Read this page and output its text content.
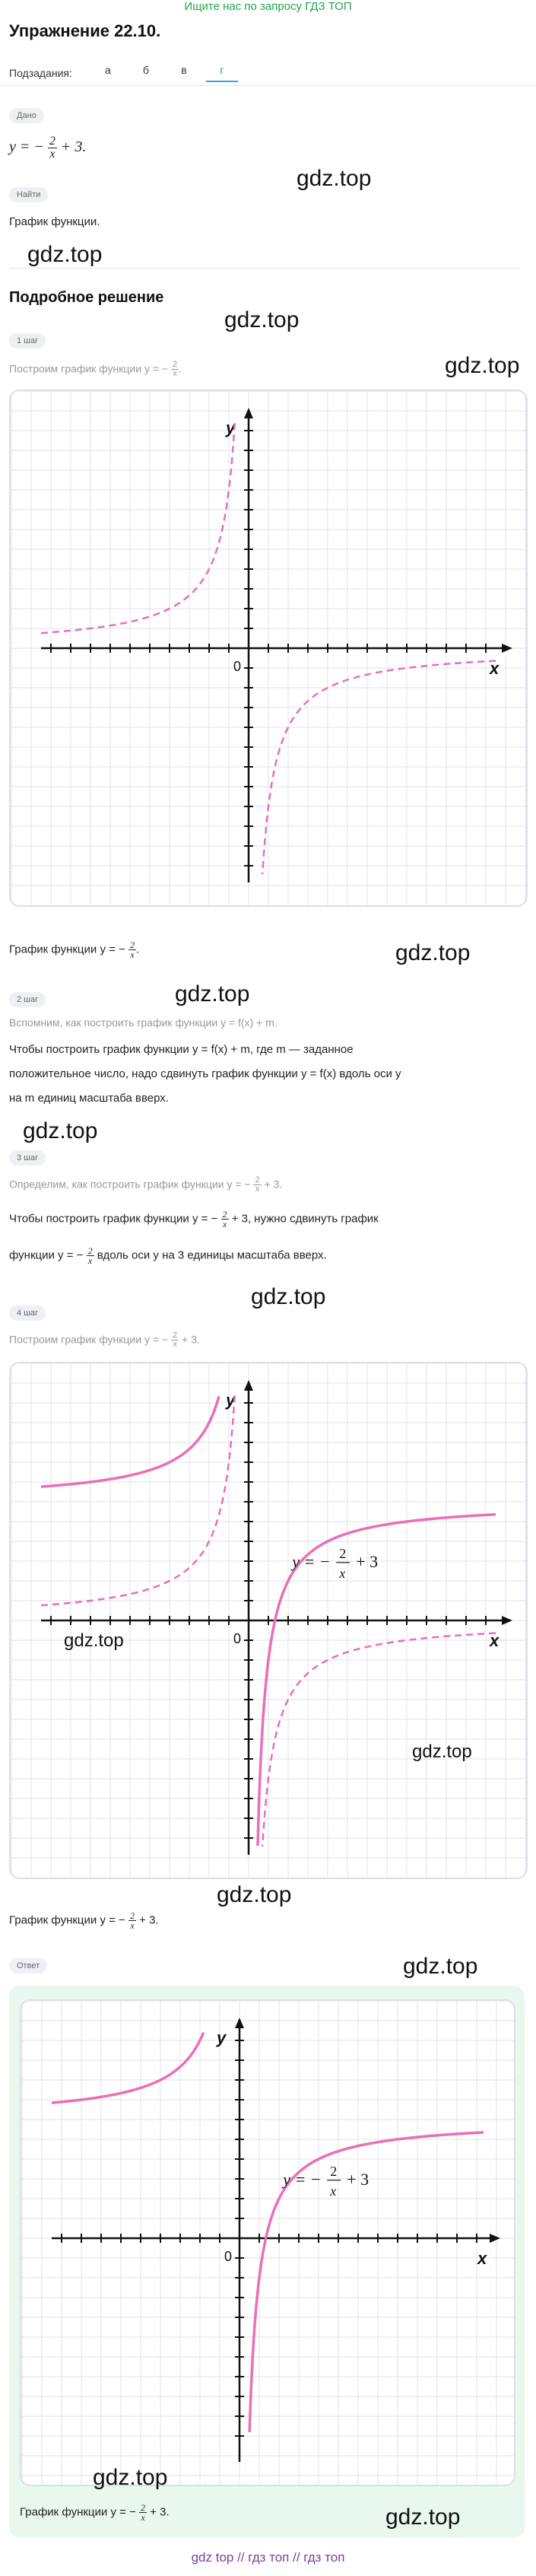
Ищите нас по запросу ГДЗ ТОП
Упражнение 22.10.
Подзадания:	а	б	в	г
Дано
y = − $\frac{2}{x} + 3$.
gdz.top
Найти
График функции.
gdz.top
Подробное решение
gdz.top
1 шаг
gdz.top
Построим график функции y = − $\frac{2}{x}$ .
x
y
0
График функции y = − $\frac{2}{x}$ .	gdz.top
gdz.top
2 шаг
Вспомним, как построить график функции y = f(x) + m.
Чтобы построить график функции y = f(x) + m, где m — заданное
положительное число, надо сдвинуть график функции y = f(x) вдоль оси y
на m единиц масштаба вверх.
gdz.top
3 шаг
Определим, как построить график функции y = − $\frac{2}{x} + 3$.
Чтобы построить график функции y = − $\frac{2}{x} + 3$, нужно сдвинуть график
функции y = − $\frac{2}{x}$ вдоль оси y на 3 единицы масштаба вверх.
gdz.top
4 шаг
Построим график функции y = − $\frac{2}{x} + 3$.
x
y
0
y = − 2
x
+ 3
gdz.top
gdz.top
График функции y = − $\frac{2}{x} + 3$.
gdz.top
gdz.top
Ответ
x
y
0
y = − 2
x
+ 3
gdz.top
График функции y = − $\frac{2}{x} + 3$.	gdz.top
gdz top // гдз топ // гдз топ
